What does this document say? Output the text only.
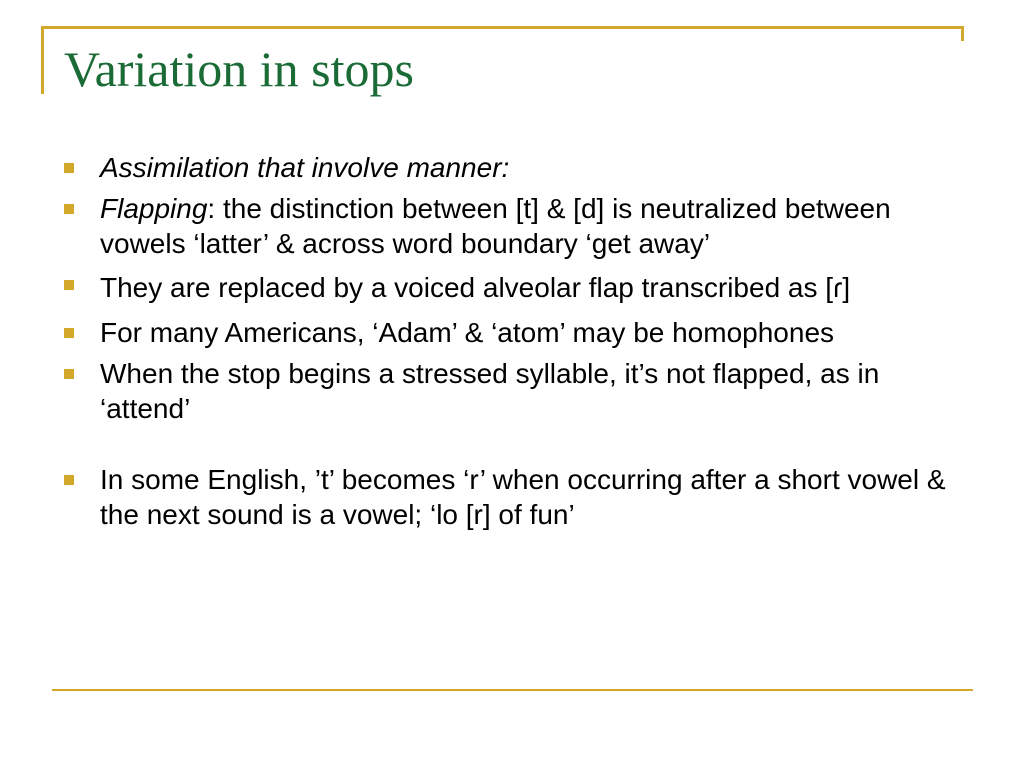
Variation in stops
Assimilation that involve manner:
Flapping: the distinction between [t] & [d] is neutralized between vowels ‘latter’ & across word boundary ‘get away’
They are replaced by a voiced alveolar flap transcribed as [ɾ]
For many Americans, ‘Adam’ & ‘atom’ may be homophones
When the stop begins a stressed syllable, it’s not flapped, as in ‘attend’
In some English, ’t’ becomes ‘r’ when occurring after a short vowel & the next sound is a vowel; ‘lo [r] of fun’
